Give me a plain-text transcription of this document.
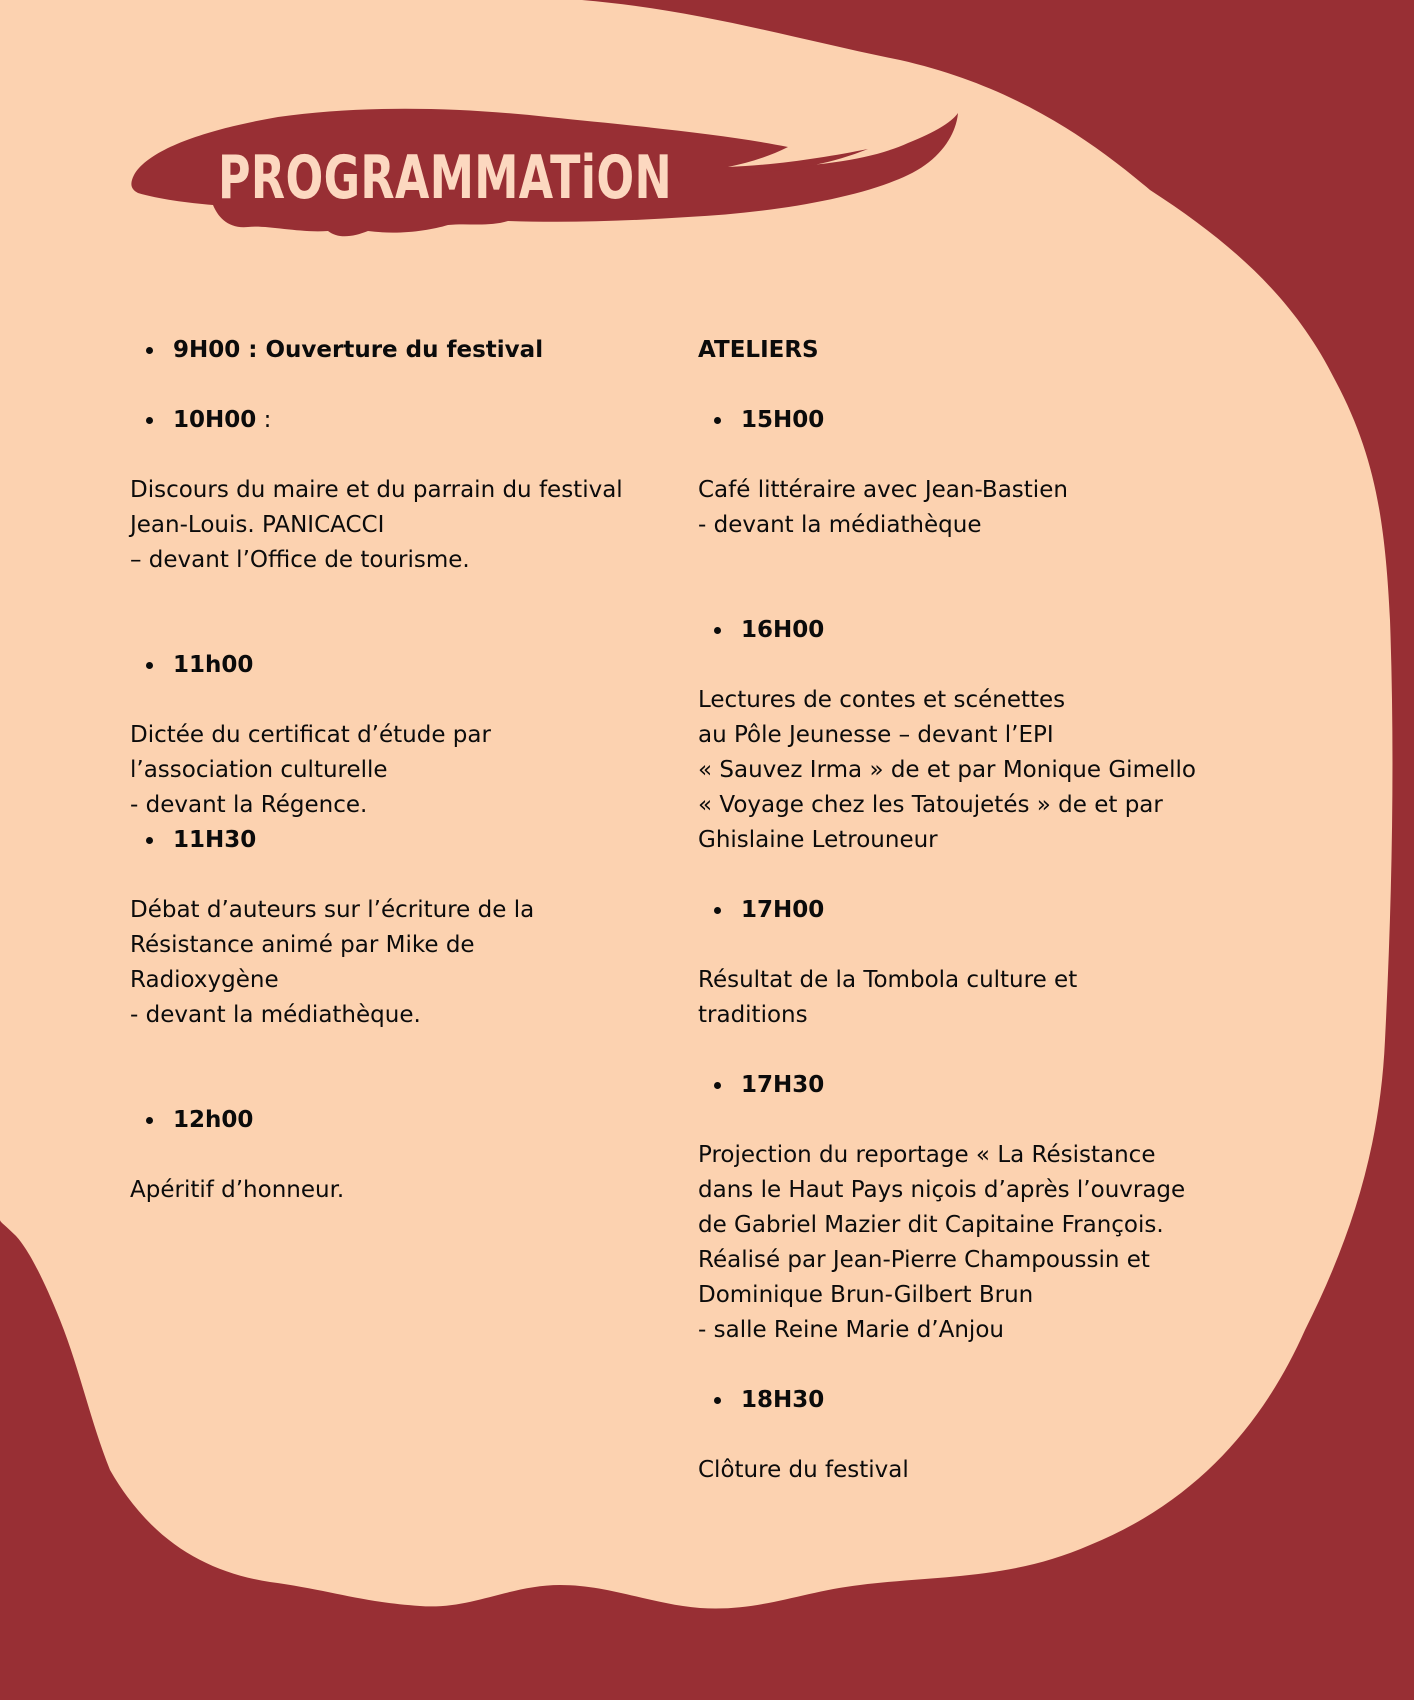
PROGRAMMATiON

9H00 : Ouverture du festival

10H00 :

Discours du maire et du parrain du festival

Jean-Louis. PANICACCI

– devant l’Office de tourisme.

11h00

Dictée du certificat d’étude par

l’association culturelle

- devant la Régence.

11H30

Débat d’auteurs sur l’écriture de la

Résistance animé par Mike de

Radioxygène

- devant la médiathèque.

12h00

Apéritif d’honneur.

ATELIERS

15H00

Café littéraire avec Jean-Bastien

- devant la médiathèque

16H00

Lectures de contes et scénettes

au Pôle Jeunesse – devant l’EPI

« Sauvez Irma » de et par Monique Gimello

« Voyage chez les Tatoujetés » de et par

Ghislaine Letrouneur

17H00

Résultat de la Tombola culture et

traditions

17H30

Projection du reportage « La Résistance

dans le Haut Pays niçois d’après l’ouvrage

de Gabriel Mazier dit Capitaine François.

Réalisé par Jean-Pierre Champoussin et

Dominique Brun-Gilbert Brun

- salle Reine Marie d’Anjou

18H30

Clôture du festival
